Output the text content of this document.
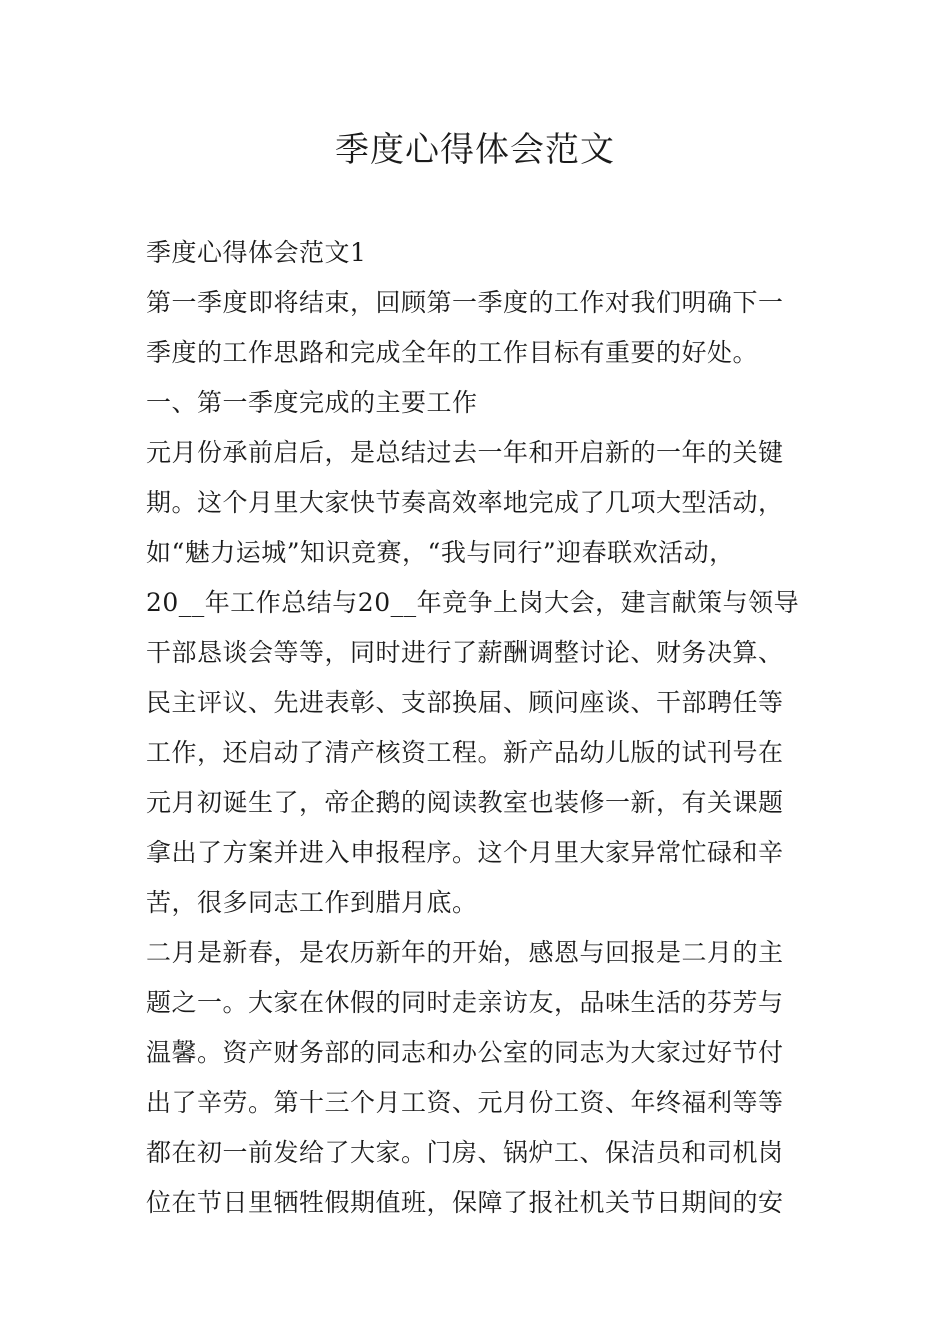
季度心得体会范文
季度心得体会范文1
第一季度即将结束，回顾第一季度的工作对我们明确下一
季度的工作思路和完成全年的工作目标有重要的好处。
一、第一季度完成的主要工作
元月份承前启后，是总结过去一年和开启新的一年的关键
期。这个月里大家快节奏高效率地完成了几项大型活动，
如“魅力运城”知识竞赛，“我与同行”迎春联欢活动，
20__年工作总结与20__年竞争上岗大会，建言献策与领导
干部恳谈会等等，同时进行了薪酬调整讨论、财务决算、
民主评议、先进表彰、支部换届、顾问座谈、干部聘任等
工作，还启动了清产核资工程。新产品幼儿版的试刊号在
元月初诞生了，帝企鹅的阅读教室也装修一新，有关课题
拿出了方案并进入申报程序。这个月里大家异常忙碌和辛
苦，很多同志工作到腊月底。
二月是新春，是农历新年的开始，感恩与回报是二月的主
题之一。大家在休假的同时走亲访友，品味生活的芬芳与
温馨。资产财务部的同志和办公室的同志为大家过好节付
出了辛劳。第十三个月工资、元月份工资、年终福利等等
都在初一前发给了大家。门房、锅炉工、保洁员和司机岗
位在节日里牺牲假期值班，保障了报社机关节日期间的安
